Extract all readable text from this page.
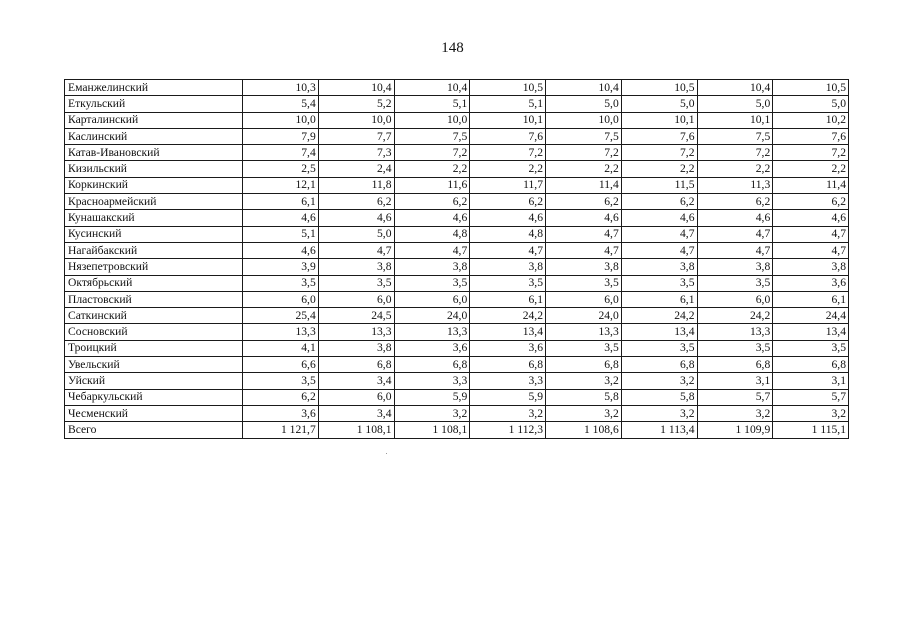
148
Еманжелинский	10,3	10,4	10,4	10,5	10,4	10,5	10,4	10,5
Еткульский	5,4	5,2	5,1	5,1	5,0	5,0	5,0	5,0
Карталинский	10,0	10,0	10,0	10,1	10,0	10,1	10,1	10,2
Каслинский	7,9	7,7	7,5	7,6	7,5	7,6	7,5	7,6
Катав-Ивановский	7,4	7,3	7,2	7,2	7,2	7,2	7,2	7,2
Кизильский	2,5	2,4	2,2	2,2	2,2	2,2	2,2	2,2
Коркинский	12,1	11,8	11,6	11,7	11,4	11,5	11,3	11,4
Красноармейский	6,1	6,2	6,2	6,2	6,2	6,2	6,2	6,2
Кунашакский	4,6	4,6	4,6	4,6	4,6	4,6	4,6	4,6
Кусинский	5,1	5,0	4,8	4,8	4,7	4,7	4,7	4,7
Нагайбакский	4,6	4,7	4,7	4,7	4,7	4,7	4,7	4,7
Нязепетровский	3,9	3,8	3,8	3,8	3,8	3,8	3,8	3,8
Октябрьский	3,5	3,5	3,5	3,5	3,5	3,5	3,5	3,6
Пластовский	6,0	6,0	6,0	6,1	6,0	6,1	6,0	6,1
Саткинский	25,4	24,5	24,0	24,2	24,0	24,2	24,2	24,4
Сосновский	13,3	13,3	13,3	13,4	13,3	13,4	13,3	13,4
Троицкий	4,1	3,8	3,6	3,6	3,5	3,5	3,5	3,5
Увельский	6,6	6,8	6,8	6,8	6,8	6,8	6,8	6,8
Уйский	3,5	3,4	3,3	3,3	3,2	3,2	3,1	3,1
Чебаркульский	6,2	6,0	5,9	5,9	5,8	5,8	5,7	5,7
Чесменский	3,6	3,4	3,2	3,2	3,2	3,2	3,2	3,2
Всего	1 121,7	1 108,1	1 108,1	1 112,3	1 108,6	1 113,4	1 109,9	1 115,1
